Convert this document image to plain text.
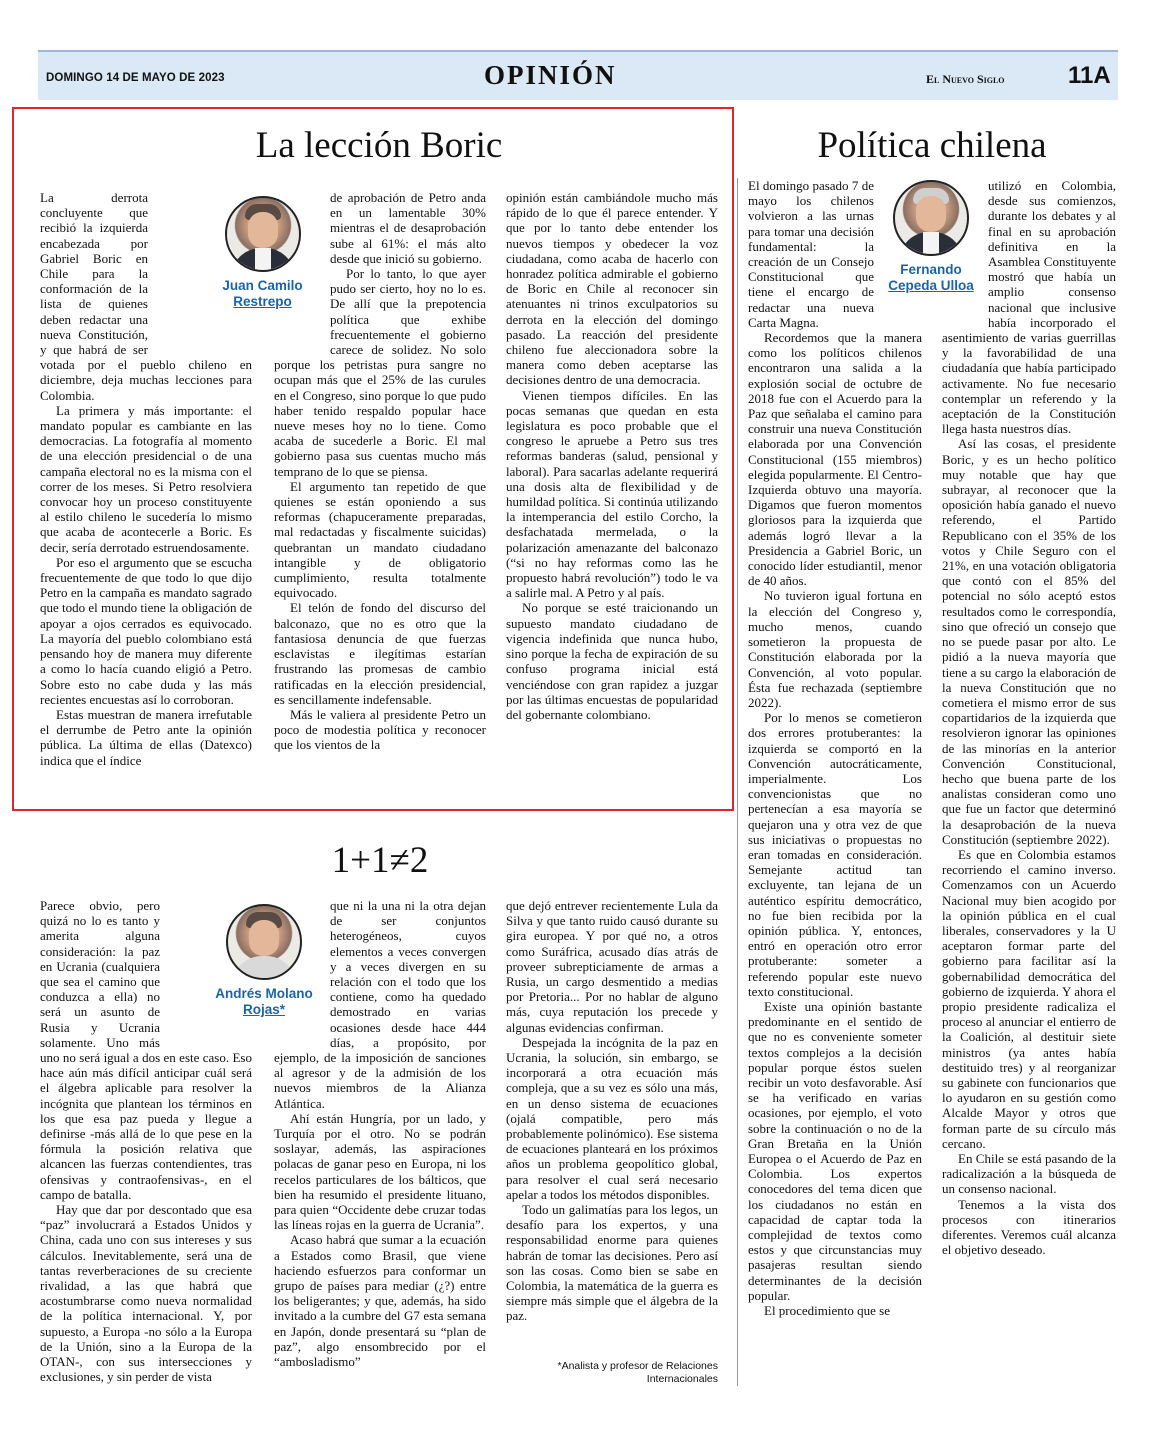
DOMINGO 14 DE MAYO DE 2023	OPINIÓN	El Nuevo Siglo	11A
La lección Boric

La derrota concluyente que recibió la izquierda encabezada por Gabriel Boric en Chile para la conformación de la lista de quienes deben redactar una nueva Constitución, y que habrá de ser votada por el pueblo chileno en diciembre, deja muchas lecciones para Colombia.

La primera y más importante: el mandato popular es cambiante en las democracias. La fotografía al momento de una elección presidencial o de una campaña electoral no es la misma con el correr de los meses. Si Petro resolviera convocar hoy un proceso constituyente al estilo chileno le sucedería lo mismo que acaba de acontecerle a Boric. Es decir, sería derrotado estruendosamente.

Por eso el argumento que se escucha frecuentemente de que todo lo que dijo Petro en la campaña es mandato sagrado que todo el mundo tiene la obligación de apoyar a ojos cerrados es equivocado. La mayoría del pueblo colombiano está pensando hoy de manera muy diferente a como lo hacía cuando eligió a Petro. Sobre esto no cabe duda y las más recientes encuestas así lo corroboran.

Estas muestran de manera irrefutable el derrumbe de Petro ante la opinión pública. La última de ellas (Datexco) indica que el índice

Juan Camilo
Restrepo

de aprobación de Petro anda en un lamentable 30% mientras el de desaprobación sube al 61%: el más alto desde que inició su gobierno.

Por lo tanto, lo que ayer pudo ser cierto, hoy no lo es. De allí que la prepotencia política que exhibe frecuentemente el gobierno carece de solidez. No solo porque los petristas pura sangre no ocupan más que el 25% de las curules en el Congreso, sino porque lo que pudo haber tenido respaldo popular hace nueve meses hoy no lo tiene. Como acaba de sucederle a Boric. El mal gobierno pasa sus cuentas mucho más temprano de lo que se piensa.

El argumento tan repetido de que quienes se están oponiendo a sus reformas (chapuceramente preparadas, mal redactadas y fiscalmente suicidas) quebrantan un mandato ciudadano intangible y de obligatorio cumplimiento, resulta totalmente equivocado.

El telón de fondo del discurso del balconazo, que no es otro que la fantasiosa denuncia de que fuerzas esclavistas e ilegítimas estarían frustrando las promesas de cambio ratificadas en la elección presidencial, es sencillamente indefensable.

Más le valiera al presidente Petro un poco de modestia política y reconocer que los vientos de la

opinión están cambiándole mucho más rápido de lo que él parece entender. Y que por lo tanto debe entender los nuevos tiempos y obedecer la voz ciudadana, como acaba de hacerlo con honradez política admirable el gobierno de Boric en Chile al reconocer sin atenuantes ni trinos exculpatorios su derrota en la elección del domingo pasado. La reacción del presidente chileno fue aleccionadora sobre la manera como deben aceptarse las decisiones dentro de una democracia.

Vienen tiempos difíciles. En las pocas semanas que quedan en esta legislatura es poco probable que el congreso le apruebe a Petro sus tres reformas banderas (salud, pensional y laboral). Para sacarlas adelante requerirá una dosis alta de flexibilidad y de humildad política. Si continúa utilizando la intemperancia del estilo Corcho, la desfachatada mermelada, o la polarización amenazante del balconazo (“si no hay reformas como las he propuesto habrá revolución”) todo le va a salirle mal. A Petro y al país.

No porque se esté traicionando un supuesto mandato ciudadano de vigencia indefinida que nunca hubo, sino porque la fecha de expiración de su confuso programa inicial está venciéndose con gran rapidez a juzgar por las últimas encuestas de popularidad del gobernante colombiano.

1+1≠2

Parece obvio, pero quizá no lo es tanto y amerita alguna consideración: la paz en Ucrania (cualquiera que sea el camino que conduzca a ella) no será un asunto de Rusia y Ucrania solamente. Uno más uno no será igual a dos en este caso. Eso hace aún más difícil anticipar cuál será el álgebra aplicable para resolver la incógnita que plantean los términos en los que esa paz pueda y llegue a definirse -más allá de lo que pese en la fórmula la posición relativa que alcancen las fuerzas contendientes, tras ofensivas y contraofensivas-, en el campo de batalla.

Hay que dar por descontado que esa “paz” involucrará a Estados Unidos y China, cada uno con sus intereses y sus cálculos. Inevitablemente, será una de tantas reverberaciones de su creciente rivalidad, a las que habrá que acostumbrarse como nueva normalidad de la política internacional. Y, por supuesto, a Europa -no sólo a la Europa de la Unión, sino a la Europa de la OTAN-, con sus intersecciones y exclusiones, y sin perder de vista

Andrés Molano
Rojas*

que ni la una ni la otra dejan de ser conjuntos heterogéneos, cuyos elementos a veces convergen y a veces divergen en su relación con el todo que los contiene, como ha quedado demostrado en varias ocasiones desde hace 444 días, a propósito, por ejemplo, de la imposición de sanciones al agresor y de la admisión de los nuevos miembros de la Alianza Atlántica.

Ahí están Hungría, por un lado, y Turquía por el otro. No se podrán soslayar, además, las aspiraciones polacas de ganar peso en Europa, ni los recelos particulares de los bálticos, que bien ha resumido el presidente lituano, para quien “Occidente debe cruzar todas las líneas rojas en la guerra de Ucrania”.

Acaso habrá que sumar a la ecuación a Estados como Brasil, que viene haciendo esfuerzos para conformar un grupo de países para mediar (¿?) entre los beligerantes; y que, además, ha sido invitado a la cumbre del G7 esta semana en Japón, donde presentará su “plan de paz”, algo ensombrecido por el “ambosladismo”

que dejó entrever recientemente Lula da Silva y que tanto ruido causó durante su gira europea. Y por qué no, a otros como Suráfrica, acusado días atrás de proveer subrepticiamente de armas a Rusia, un cargo desmentido a medias por Pretoria... Por no hablar de alguno más, cuya reputación los precede y algunas evidencias confirman.

Despejada la incógnita de la paz en Ucrania, la solución, sin embargo, se incorporará a otra ecuación más compleja, que a su vez es sólo una más, en un denso sistema de ecuaciones (ojalá compatible, pero más probablemente polinómico). Ese sistema de ecuaciones planteará en los próximos años un problema geopolítico global, para resolver el cual será necesario apelar a todos los métodos disponibles.

Todo un galimatías para los legos, un desafío para los expertos, y una responsabilidad enorme para quienes habrán de tomar las decisiones. Pero así son las cosas. Como bien se sabe en Colombia, la matemática de la guerra es siempre más simple que el álgebra de la paz.

*Analista y profesor de Relaciones
Internacionales
Política chilena

El domingo pasado 7 de mayo los chilenos volvieron a las urnas para tomar una decisión fundamental: la creación de un Consejo Constitucional que tiene el encargo de redactar una nueva Carta Magna.

Recordemos que la manera como los políticos chilenos encontraron una salida a la explosión social de octubre de 2018 fue con el Acuerdo para la Paz que señalaba el camino para construir una nueva Constitución elaborada por una Convención Constitucional (155 miembros) elegida popularmente. El Centro-Izquierda obtuvo una mayoría. Digamos que fueron momentos gloriosos para la izquierda que además logró llevar a la Presidencia a Gabriel Boric, un conocido líder estudiantil, menor de 40 años.

No tuvieron igual fortuna en la elección del Congreso y, mucho menos, cuando sometieron la propuesta de Constitución elaborada por la Convención, al voto popular. Ésta fue rechazada (septiembre 2022).

Por lo menos se cometieron dos errores protuberantes: la izquierda se comportó en la Convención autocráticamente, imperialmente. Los convencionistas que no pertenecían a esa mayoría se quejaron una y otra vez de que sus iniciativas o propuestas no eran tomadas en consideración. Semejante actitud tan excluyente, tan lejana de un auténtico espíritu democrático, no fue bien recibida por la opinión pública. Y, entonces, entró en operación otro error protuberante: someter a referendo popular este nuevo texto constitucional.

Existe una opinión bastante predominante en el sentido de que no es conveniente someter textos complejos a la decisión popular porque éstos suelen recibir un voto desfavorable. Así se ha verificado en varias ocasiones, por ejemplo, el voto sobre la continuación o no de la Gran Bretaña en la Unión Europea o el Acuerdo de Paz en Colombia. Los expertos conocedores del tema dicen que los ciudadanos no están en capacidad de captar toda la complejidad de textos como estos y que circunstancias muy pasajeras resultan siendo determinantes de la decisión popular.

El procedimiento que se

Fernando
Cepeda Ulloa

utilizó en Colombia, desde sus comienzos, durante los debates y al final en su aprobación definitiva en la Asamblea Constituyente mostró que había un amplio consenso nacional que inclusive había incorporado el asentimiento de varias guerrillas y la favorabilidad de una ciudadanía que había participado activamente. No fue necesario contemplar un referendo y la aceptación de la Constitución llega hasta nuestros días.

Así las cosas, el presidente Boric, y es un hecho político muy notable que hay que subrayar, al reconocer que la oposición había ganado el nuevo referendo, el Partido Republicano con el 35% de los votos y Chile Seguro con el 21%, en una votación obligatoria que contó con el 85% del potencial no sólo aceptó estos resultados como le correspondía, sino que ofreció un consejo que no se puede pasar por alto. Le pidió a la nueva mayoría que tiene a su cargo la elaboración de la nueva Constitución que no cometiera el mismo error de sus copartidarios de la izquierda que resolvieron ignorar las opiniones de las minorías en la anterior Convención Constitucional, hecho que buena parte de los analistas consideran como uno que fue un factor que determinó la desaprobación de la nueva Constitución (septiembre 2022).

Es que en Colombia estamos recorriendo el camino inverso. Comenzamos con un Acuerdo Nacional muy bien acogido por la opinión pública en el cual liberales, conservadores y la U aceptaron formar parte del gobierno para facilitar así la gobernabilidad democrática del gobierno de izquierda. Y ahora el propio presidente radicaliza el proceso al anunciar el entierro de la Coalición, al destituir siete ministros (ya antes había destituido tres) y al reorganizar su gabinete con funcionarios que lo ayudaron en su gestión como Alcalde Mayor y otros que forman parte de su círculo más cercano.

En Chile se está pasando de la radicalización a la búsqueda de un consenso nacional.

Tenemos a la vista dos procesos con itinerarios diferentes. Veremos cuál alcanza el objetivo deseado.
